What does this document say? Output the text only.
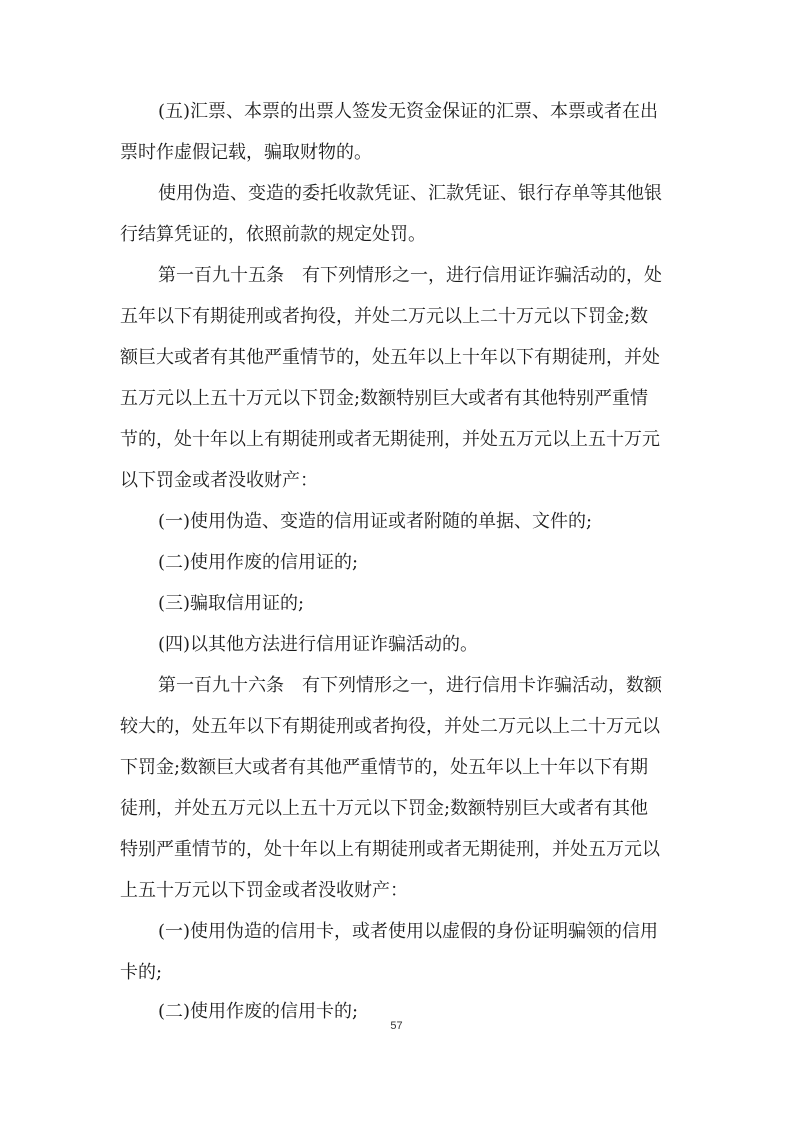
(五)汇票、本票的出票人签发无资金保证的汇票、本票或者在出
票时作虚假记载，骗取财物的。
使用伪造、变造的委托收款凭证、汇款凭证、银行存单等其他银
行结算凭证的，依照前款的规定处罚。
第一百九十五条　有下列情形之一，进行信用证诈骗活动的，处
五年以下有期徒刑或者拘役，并处二万元以上二十万元以下罚金;数
额巨大或者有其他严重情节的，处五年以上十年以下有期徒刑，并处
五万元以上五十万元以下罚金;数额特别巨大或者有其他特别严重情
节的，处十年以上有期徒刑或者无期徒刑，并处五万元以上五十万元
以下罚金或者没收财产：
(一)使用伪造、变造的信用证或者附随的单据、文件的;
(二)使用作废的信用证的;
(三)骗取信用证的;
(四)以其他方法进行信用证诈骗活动的。
第一百九十六条　有下列情形之一，进行信用卡诈骗活动，数额
较大的，处五年以下有期徒刑或者拘役，并处二万元以上二十万元以
下罚金;数额巨大或者有其他严重情节的，处五年以上十年以下有期
徒刑，并处五万元以上五十万元以下罚金;数额特别巨大或者有其他
特别严重情节的，处十年以上有期徒刑或者无期徒刑，并处五万元以
上五十万元以下罚金或者没收财产：
(一)使用伪造的信用卡，或者使用以虚假的身份证明骗领的信用
卡的;
(二)使用作废的信用卡的;
57
